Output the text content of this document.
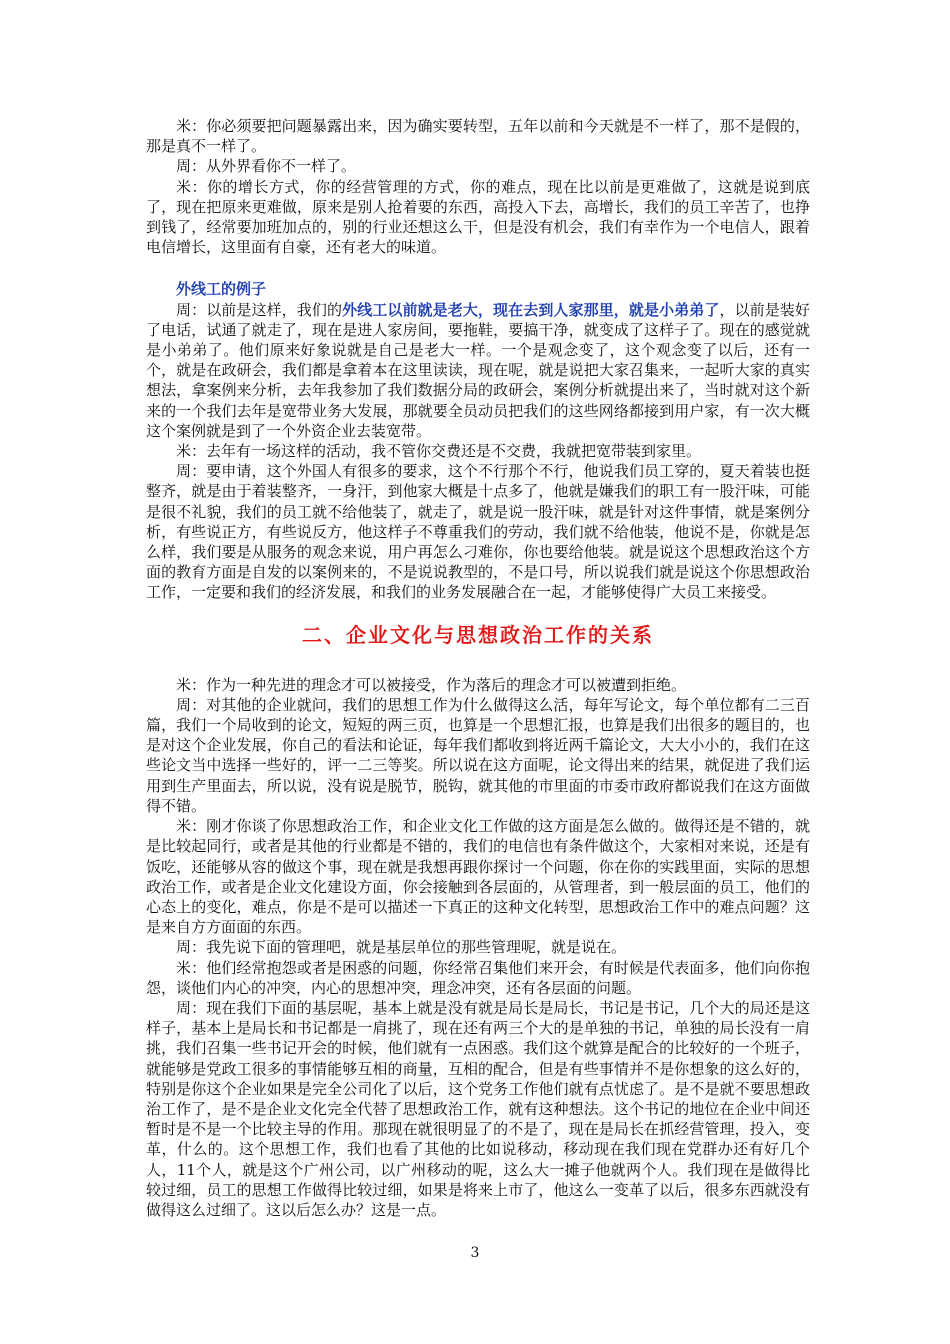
米：你必须要把问题暴露出来，因为确实要转型，五年以前和今天就是不一样了，那不是假的，那是真不一样了。

周：从外界看你不一样了。

米：你的增长方式，你的经营管理的方式，你的难点，现在比以前是更难做了，这就是说到底了，现在把原来更难做，原来是别人抢着要的东西，高投入下去，高增长，我们的员工辛苦了，也挣到钱了，经常要加班加点的，别的行业还想这么干，但是没有机会，我们有幸作为一个电信人，跟着电信增长，这里面有自豪，还有老大的味道。

外线工的例子

周：以前是这样，我们的外线工以前就是老大，现在去到人家那里，就是小弟弟了，以前是装好了电话，试通了就走了，现在是进人家房间，要拖鞋，要搞干净，就变成了这样子了。现在的感觉就是小弟弟了。他们原来好象说就是自己是老大一样。一个是观念变了，这个观念变了以后，还有一个，就是在政研会，我们都是拿着本在这里读读，现在呢，就是说把大家召集来，一起听大家的真实想法，拿案例来分析，去年我参加了我们数据分局的政研会，案例分析就提出来了，当时就对这个新来的一个我们去年是宽带业务大发展，那就要全员动员把我们的这些网络都接到用户家，有一次大概这个案例就是到了一个外资企业去装宽带。

米：去年有一场这样的活动，我不管你交费还是不交费，我就把宽带装到家里。

周：要申请，这个外国人有很多的要求，这个不行那个不行，他说我们员工穿的，夏天着装也挺整齐，就是由于着装整齐，一身汗，到他家大概是十点多了，他就是嫌我们的职工有一股汗味，可能是很不礼貌，我们的员工就不给他装了，就走了，就是说一股汗味，就是针对这件事情，就是案例分析，有些说正方，有些说反方，他这样子不尊重我们的劳动，我们就不给他装，他说不是，你就是怎么样，我们要是从服务的观念来说，用户再怎么刁难你，你也要给他装。就是说这个思想政治这个方面的教育方面是自发的以案例来的，不是说说教型的，不是口号，所以说我们就是说这个你思想政治工作，一定要和我们的经济发展，和我们的业务发展融合在一起，才能够使得广大员工来接受。

二、企业文化与思想政治工作的关系

米：作为一种先进的理念才可以被接受，作为落后的理念才可以被遭到拒绝。

周：对其他的企业就问，我们的思想工作为什么做得这么活，每年写论文，每个单位都有二三百篇，我们一个局收到的论文，短短的两三页，也算是一个思想汇报，也算是我们出很多的题目的，也是对这个企业发展，你自己的看法和论证，每年我们都收到将近两千篇论文，大大小小的，我们在这些论文当中选择一些好的，评一二三等奖。所以说在这方面呢，论文得出来的结果，就促进了我们运用到生产里面去，所以说，没有说是脱节，脱钩，就其他的市里面的市委市政府都说我们在这方面做得不错。

米：刚才你谈了你思想政治工作，和企业文化工作做的这方面是怎么做的。做得还是不错的，就是比较起同行，或者是其他的行业都是不错的，我们的电信也有条件做这个，大家相对来说，还是有饭吃，还能够从容的做这个事，现在就是我想再跟你探讨一个问题，你在你的实践里面，实际的思想政治工作，或者是企业文化建设方面，你会接触到各层面的，从管理者，到一般层面的员工，他们的心态上的变化，难点，你是不是可以描述一下真正的这种文化转型，思想政治工作中的难点问题？这是来自方方面面的东西。

周：我先说下面的管理吧，就是基层单位的那些管理呢，就是说在。

米：他们经常抱怨或者是困惑的问题，你经常召集他们来开会，有时候是代表面多，他们向你抱怨，谈他们内心的冲突，内心的思想冲突，理念冲突，还有各层面的问题。

周：现在我们下面的基层呢，基本上就是没有就是局长是局长，书记是书记，几个大的局还是这样子，基本上是局长和书记都是一肩挑了，现在还有两三个大的是单独的书记，单独的局长没有一肩挑，我们召集一些书记开会的时候，他们就有一点困惑。我们这个就算是配合的比较好的一个班子，就能够是党政工很多的事情能够互相的商量，互相的配合，但是有些事情并不是你想象的这么好的，特别是你这个企业如果是完全公司化了以后，这个党务工作他们就有点忧虑了。是不是就不要思想政治工作了，是不是企业文化完全代替了思想政治工作，就有这种想法。这个书记的地位在企业中间还暂时是不是一个比较主导的作用。那现在就很明显了的不是了，现在是局长在抓经营管理，投入，变革，什么的。这个思想工作，我们也看了其他的比如说移动，移动现在我们现在党群办还有好几个人，11个人，就是这个广州公司，以广州移动的呢，这么大一摊子他就两个人。我们现在是做得比较过细，员工的思想工作做得比较过细，如果是将来上市了，他这么一变革了以后，很多东西就没有做得这么过细了。这以后怎么办？这是一点。

3
